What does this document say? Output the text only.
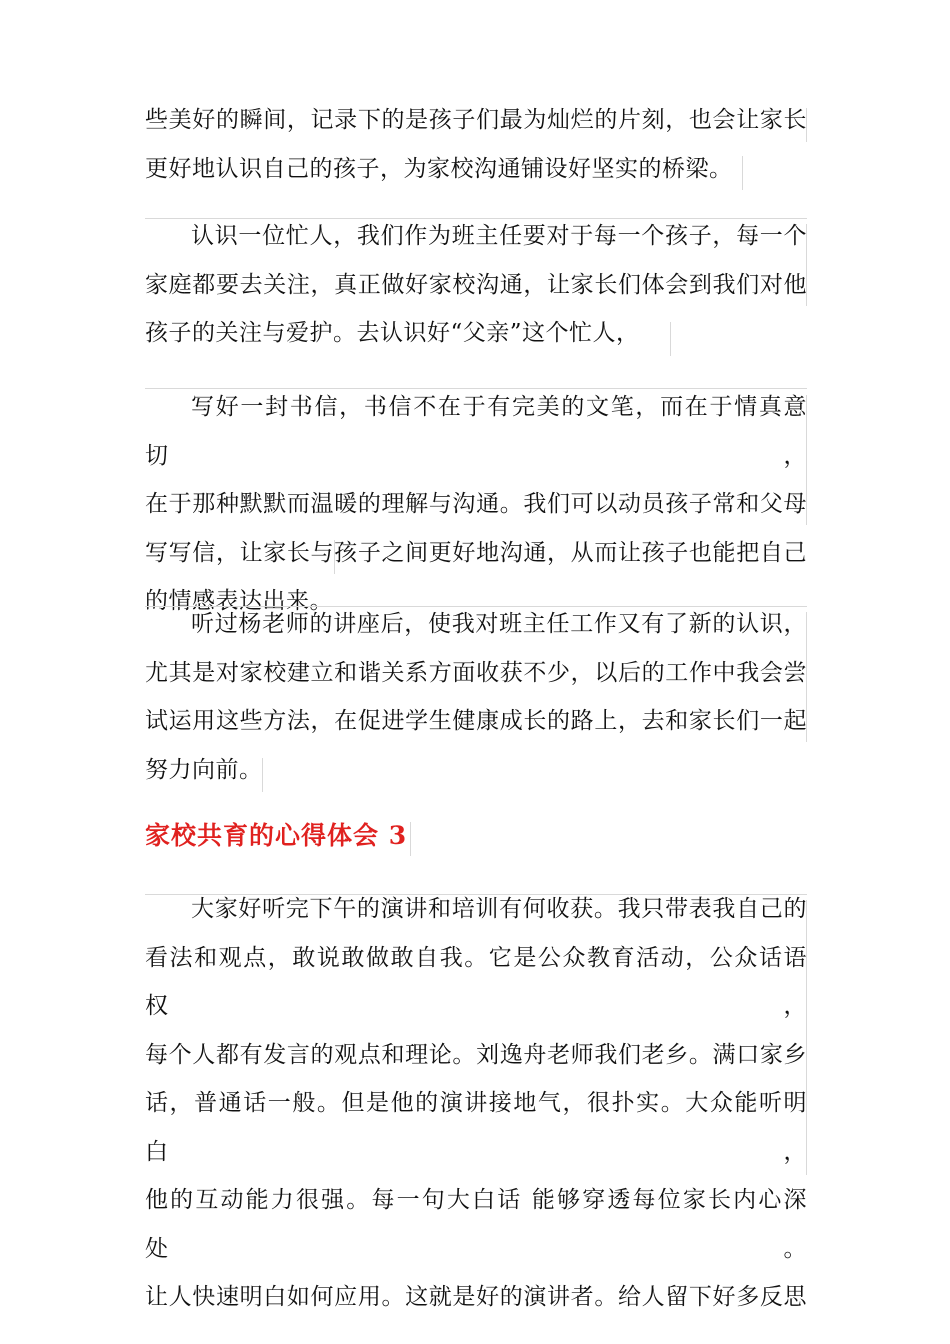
些美好的瞬间，记录下的是孩子们最为灿烂的片刻，也会让家长
更好地认识自己的孩子，为家校沟通铺设好坚实的桥梁。
认识一位忙人，我们作为班主任要对于每一个孩子，每一个
家庭都要去关注，真正做好家校沟通，让家长们体会到我们对他
孩子的关注与爱护。去认识好“父亲”这个忙人，
写好一封书信，书信不在于有完美的文笔，而在于情真意切，
在于那种默默而温暖的理解与沟通。我们可以动员孩子常和父母
写写信，让家长与孩子之间更好地沟通，从而让孩子也能把自己
的情感表达出来。
听过杨老师的讲座后，使我对班主任工作又有了新的认识，
尤其是对家校建立和谐关系方面收获不少，以后的工作中我会尝
试运用这些方法，在促进学生健康成长的路上，去和家长们一起
努力向前。
家校共育的心得体会 3
大家好听完下午的演讲和培训有何收获。我只带表我自己的
看法和观点，敢说敢做敢自我。它是公众教育活动，公众话语权，
每个人都有发言的观点和理论。刘逸舟老师我们老乡。满口家乡
话，普通话一般。但是他的演讲接地气，很扑实。大众能听明白，
他的互动能力很强。每一句大白话 能够穿透每位家长内心深处。
让人快速明白如何应用。这就是好的演讲者。给人留下好多反思
